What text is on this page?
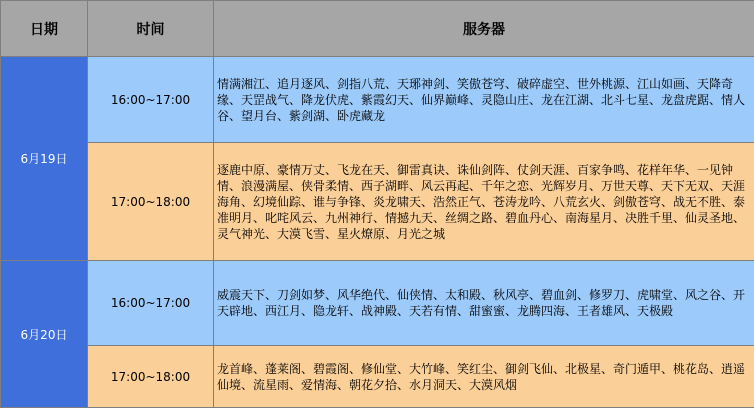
日期	时间	服务器
6月19日	16:00~17:00	情满湘江、追月逐风、剑指八荒、天琊神剑、笑傲苍穹、破碎虚空、世外桃源、江山如画、天降奇缘、天罡战气、降龙伏虎、紫霞幻天、仙界巅峰、灵隐山庄、龙在江湖、北斗七星、龙盘虎踞、情人谷、望月台、紫剑湖、卧虎藏龙
	17:00~18:00	逐鹿中原、豪情万丈、飞龙在天、御雷真诀、诛仙剑阵、仗剑天涯、百家争鸣、花样年华、一见钟情、浪漫满屋、侠骨柔情、西子湖畔、风云再起、千年之恋、光辉岁月、万世天尊、天下无双、天涯海角、幻境仙踪、谁与争锋、炎龙啸天、浩然正气、苍涛龙吟、八荒玄火、剑傲苍穹、战无不胜、泰准明月、叱咤风云、九州神行、情撼九天、丝绸之路、碧血丹心、南海星月、决胜千里、仙灵圣地、灵气神光、大漠飞雪、星火燎原、月光之城
6月20日	16:00~17:00	威震天下、刀剑如梦、风华绝代、仙侠情、太和殿、秋风亭、碧血剑、修罗刀、虎啸堂、风之谷、开天辟地、西江月、隐龙轩、战神殿、天若有情、甜蜜蜜、龙腾四海、王者雄风、天极殿
	17:00~18:00	龙首峰、蓬莱阁、碧霞阁、修仙堂、大竹峰、笑红尘、御剑飞仙、北极星、奇门遁甲、桃花岛、逍遥仙境、流星雨、爱情海、朝花夕拾、水月洞天、大漠风烟
